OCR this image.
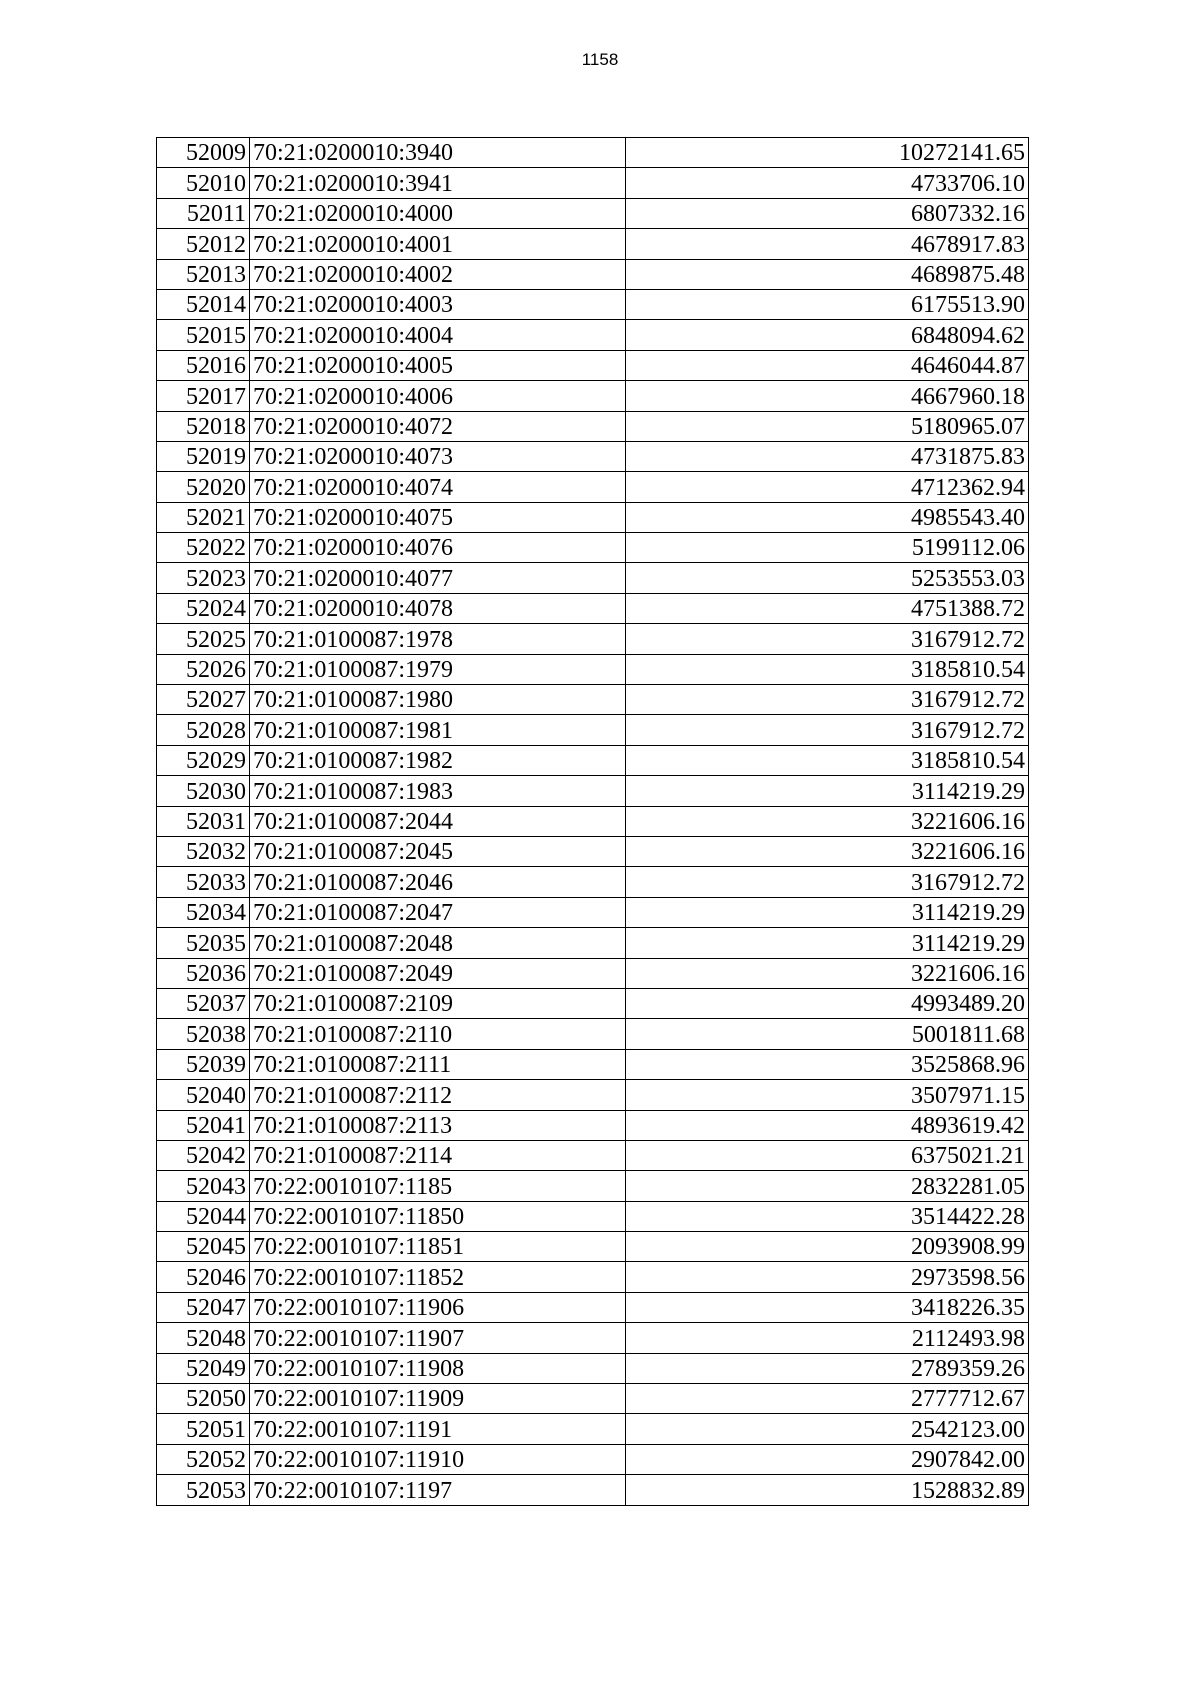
1158
52009	70:21:0200010:3940	10272141.65
52010	70:21:0200010:3941	4733706.10
52011	70:21:0200010:4000	6807332.16
52012	70:21:0200010:4001	4678917.83
52013	70:21:0200010:4002	4689875.48
52014	70:21:0200010:4003	6175513.90
52015	70:21:0200010:4004	6848094.62
52016	70:21:0200010:4005	4646044.87
52017	70:21:0200010:4006	4667960.18
52018	70:21:0200010:4072	5180965.07
52019	70:21:0200010:4073	4731875.83
52020	70:21:0200010:4074	4712362.94
52021	70:21:0200010:4075	4985543.40
52022	70:21:0200010:4076	5199112.06
52023	70:21:0200010:4077	5253553.03
52024	70:21:0200010:4078	4751388.72
52025	70:21:0100087:1978	3167912.72
52026	70:21:0100087:1979	3185810.54
52027	70:21:0100087:1980	3167912.72
52028	70:21:0100087:1981	3167912.72
52029	70:21:0100087:1982	3185810.54
52030	70:21:0100087:1983	3114219.29
52031	70:21:0100087:2044	3221606.16
52032	70:21:0100087:2045	3221606.16
52033	70:21:0100087:2046	3167912.72
52034	70:21:0100087:2047	3114219.29
52035	70:21:0100087:2048	3114219.29
52036	70:21:0100087:2049	3221606.16
52037	70:21:0100087:2109	4993489.20
52038	70:21:0100087:2110	5001811.68
52039	70:21:0100087:2111	3525868.96
52040	70:21:0100087:2112	3507971.15
52041	70:21:0100087:2113	4893619.42
52042	70:21:0100087:2114	6375021.21
52043	70:22:0010107:1185	2832281.05
52044	70:22:0010107:11850	3514422.28
52045	70:22:0010107:11851	2093908.99
52046	70:22:0010107:11852	2973598.56
52047	70:22:0010107:11906	3418226.35
52048	70:22:0010107:11907	2112493.98
52049	70:22:0010107:11908	2789359.26
52050	70:22:0010107:11909	2777712.67
52051	70:22:0010107:1191	2542123.00
52052	70:22:0010107:11910	2907842.00
52053	70:22:0010107:1197	1528832.89
